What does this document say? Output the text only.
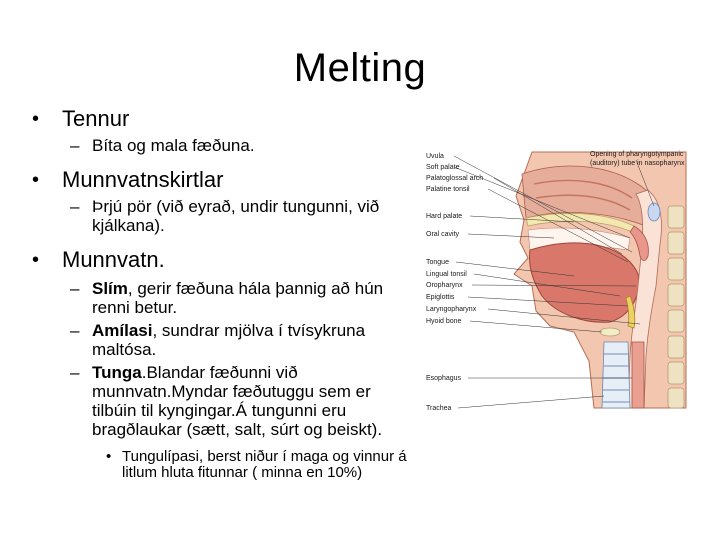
Melting
• Tennur
– Bíta og mala fæðuna.
• Munnvatnskirtlar
– Þrjú pör (við eyrað, undir tungunni, við kjálkana).
• Munnvatn.
– Slím, gerir fæðuna hála þannig að hún renni betur.
– Amílasi, sundrar mjölva í tvísykruna maltósa.
– Tunga.Blandar fæðunni við munnvatn.Myndar fæðutuggu sem er tilbúin til kyngingar.Á tungunni eru bragðlaukar (sætt, salt, súrt og beiskt).
• Tungulípasi, berst niður í maga og vinnur á litlum hluta fitunnar ( minna en 10%)
Uvula
Soft palate
Palatoglossal arch
Palatine tonsil
Hard palate
Oral cavity
Tongue
Lingual tonsil
Oropharynx
Epiglottis
Laryngopharynx
Hyoid bone
Esophagus
Trachea
Opening of pharyngotympanic
(auditory) tube in nasopharynx
